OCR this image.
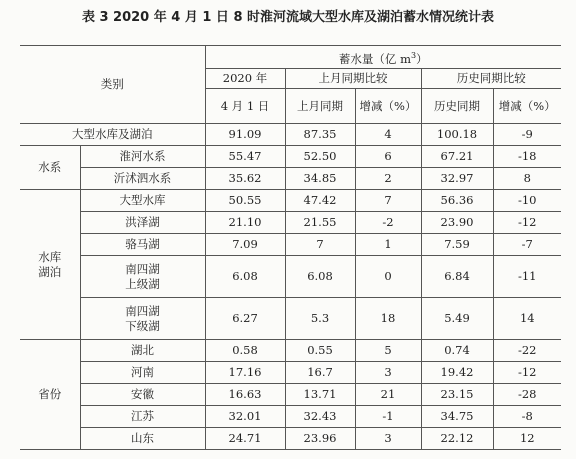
表 3 2020 年 4 月 1 日 8 时淮河流域大型水库及湖泊蓄水情况统计表
类别		蓄水量（亿 $m^3$）				
		2020 年	上月同期比较		历史同期比较	
		4 月 1 日	上月同期	增减（%）	历史同期	增减（%）
大型水库及湖泊		91.09	87.35	4	100.18	-9
水系	淮河水系	55.47	52.50	6	67.21	-18
	沂沭泗水系	35.62	34.85	2	32.97	8
水库湖泊	大型水库	50.55	47.42	7	56.36	-10
	洪泽湖	21.10	21.55	-2	23.90	-12
	骆马湖	7.09	7	1	7.59	-7
	南四湖上级湖	6.08	6.08	0	6.84	-11
	南四湖下级湖	6.27	5.3	18	5.49	14
省份	湖北	0.58	0.55	5	0.74	-22
	河南	17.16	16.7	3	19.42	-12
	安徽	16.63	13.71	21	23.15	-28
	江苏	32.01	32.43	-1	34.75	-8
	山东	24.71	23.96	3	22.12	12
